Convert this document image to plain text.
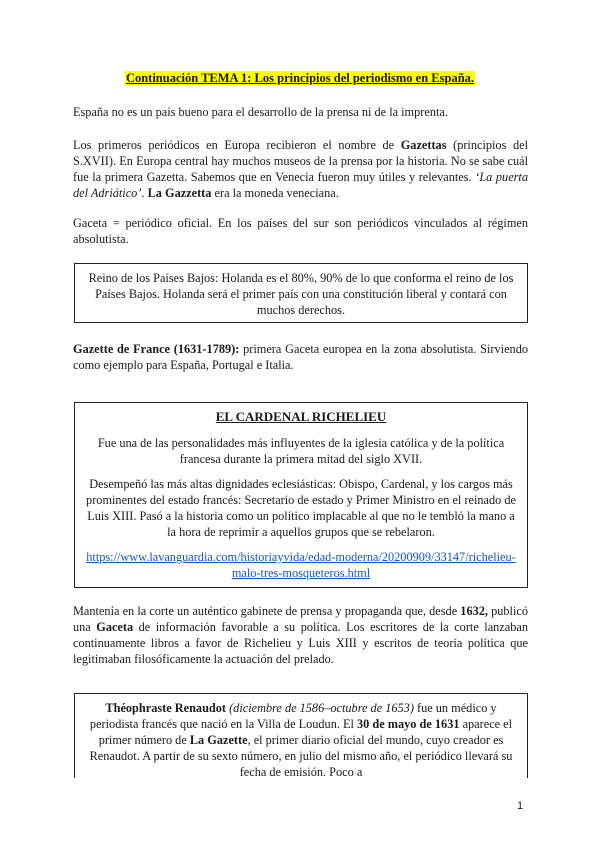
Continuación TEMA 1: Los principios del periodismo en España.

España no es un país bueno para el desarrollo de la prensa ni de la imprenta.

Los primeros periódicos en Europa recibieron el nombre de Gazettas (principios del S.XVII). En Europa central hay muchos museos de la prensa por la historia. No se sabe cuál fue la primera Gazetta. Sabemos que en Venecia fueron muy útiles y relevantes. ‘La puerta del Adriático’. La Gazzetta era la moneda veneciana.

Gaceta = periódico oficial. En los países del sur son periódicos vinculados al régimen absolutista.

Reino de los Países Bajos: Holanda es el 80%, 90% de lo que conforma el reino de los Países Bajos. Holanda será el primer país con una constitución liberal y contará con muchos derechos.

Gazette de France (1631-1789): primera Gaceta europea en la zona absolutista. Sirviendo como ejemplo para España, Portugal e Italia.

EL CARDENAL RICHELIEU

Fue una de las personalidades más influyentes de la iglesia católica y de la política francesa durante la primera mitad del siglo XVII.

Desempeñó las más altas dignidades eclesiásticas: Obispo, Cardenal, y los cargos más prominentes del estado francés: Secretario de estado y Primer Ministro en el reinado de Luis XIII. Pasó a la historia como un político implacable al que no le tembló la mano a la hora de reprimir a aquellos grupos que se rebelaron.

https://www.lavanguardia.com/historiayvida/edad-moderna/20200909/33147/richelieu-malo-tres-mosqueteros.html

Mantenía en la corte un auténtico gabinete de prensa y propaganda que, desde 1632, publicó una Gaceta de información favorable a su política. Los escritores de la corte lanzaban continuamente libros a favor de Richelieu y Luis XIII y escritos de teoría política que legitimaban filosóficamente la actuación del prelado.

Théophraste Renaudot (diciembre de 1586–octubre de 1653) fue un médico y periodista francés que nació en la Villa de Loudun. El 30 de mayo de 1631 aparece el primer número de La Gazette, el primer diario oficial del mundo, cuyo creador es Renaudot. A partir de su sexto número, en julio del mismo año, el periódico llevará su fecha de emisión. Poco a

1
